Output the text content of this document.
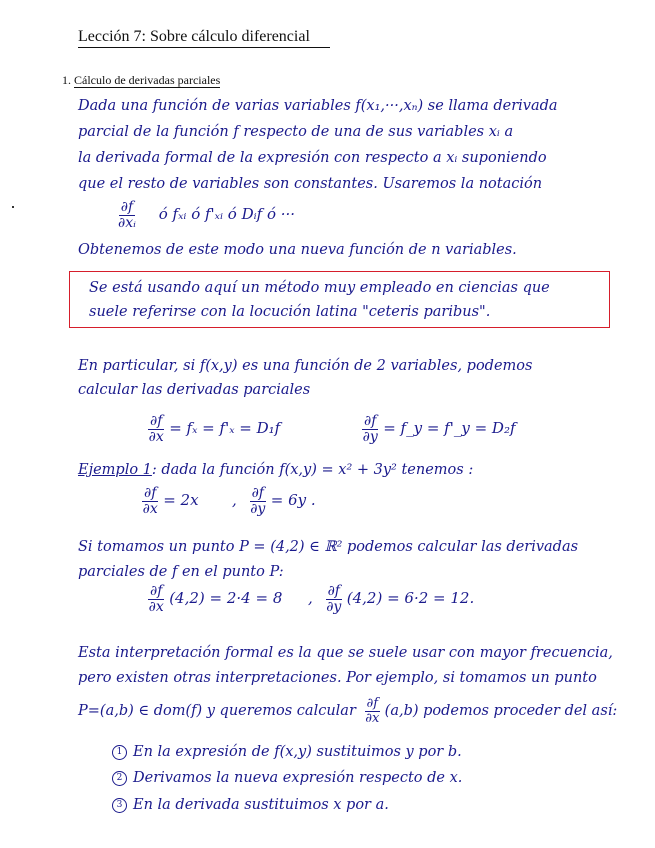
Lección 7: Sobre cálculo diferencial
1. Cálculo de derivadas parciales
Dada una función de varias variables f(x₁,···,xₙ) se llama derivada
parcial de la función f respecto de una de sus variables xᵢ a
la derivada formal de la expresión con respecto a xᵢ suponiendo
que el resto de variables son constantes. Usaremos la notación
$\frac{\partial f}{\text{∂xᵢ}}$ ó fₓᵢ ó f'ₓᵢ ó Dᵢf ó ···
Obtenemos de este modo una nueva función de n variables.
Se está usando aquí un método muy empleado en ciencias que
suele referirse con la locución latina "ceteris paribus".
En particular, si f(x,y) es una función de 2 variables, podemos
calcular las derivadas parciales
$\frac{\partial f}{\partial x} = f_x = f'_x = D_1f$	$\frac{\partial f}{\partial y}$ = f_y = f'_y = D₂f
Ejemplo 1: dada la función f(x,y) = x² + 3y² tenemos :
$\frac{\partial f}{\partial x} = 2x$ , $\frac{\partial f}{\partial y} = 6y$ .
Si tomamos un punto P = (4,2) ∈ ℝ² podemos calcular las derivadas
parciales de f en el punto P:
$\frac{\partial f}{\partial x} (4,2) = 2\cdot 4 = 8$ , $\frac{\partial f}{\partial y} (4,2) = 6\cdot 2 = 12$.
Esta interpretación formal es la que se suele usar con mayor frecuencia,
pero existen otras interpretaciones. Por ejemplo, si tomamos un punto
P=(a,b) ∈ dom(f) y queremos calcular $\frac{\partial f}{\partial x} (a,b)$ podemos proceder del así:
1 En la expresión de f(x,y) sustituimos y por b.
2 Derivamos la nueva expresión respecto de x.
3 En la derivada sustituimos x por a.
